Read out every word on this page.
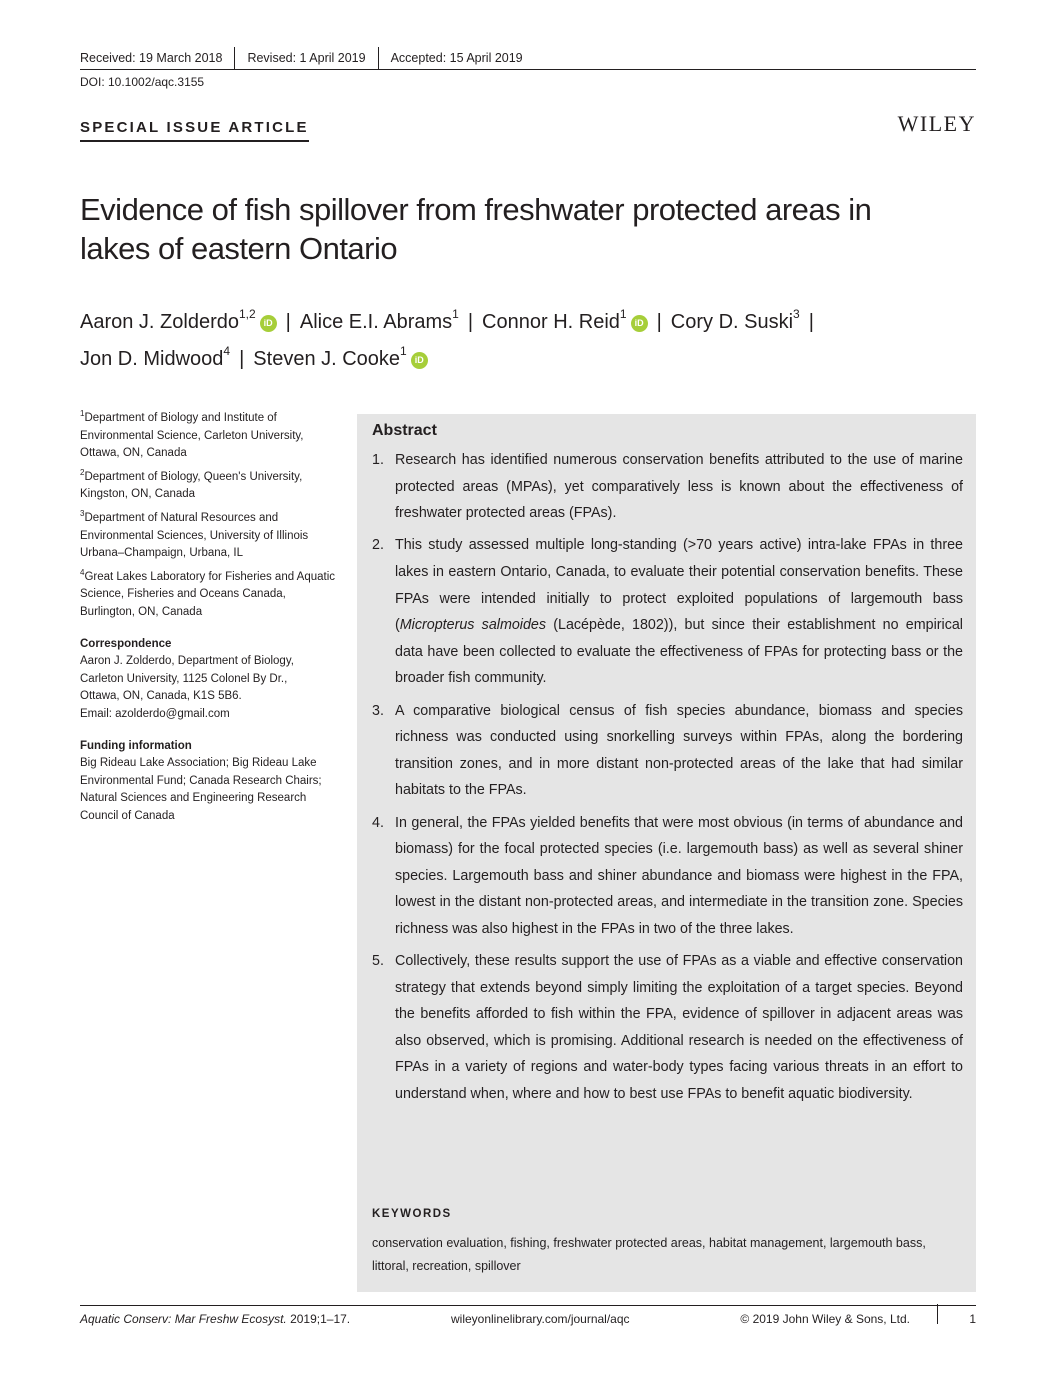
Received: 19 March 2018	Revised: 1 April 2019	Accepted: 15 April 2019
DOI: 10.1002/aqc.3155
SPECIAL ISSUE ARTICLE	WILEY
Evidence of fish spillover from freshwater protected areas in
lakes of eastern Ontario
Aaron J. Zolderdo$^{1,2}$iD | Alice E.I. Abrams$^1$ | Connor H. Reid$^1$iD | Cory D. Suski$^3$ |
Jon D. Midwood$^4$ | Steven J. Cooke$^1$iD
$^1$Department of Biology and Institute of Environmental Science, Carleton University, Ottawa, ON, Canada
$^2$Department of Biology, Queen's University, Kingston, ON, Canada
$^3$Department of Natural Resources and Environmental Sciences, University of Illinois Urbana–Champaign, Urbana, IL
$^4$Great Lakes Laboratory for Fisheries and Aquatic Science, Fisheries and Oceans Canada, Burlington, ON, Canada
Correspondence
Aaron J. Zolderdo, Department of Biology,
Carleton University, 1125 Colonel By Dr.,
Ottawa, ON, Canada, K1S 5B6.
Email: azolderdo@gmail.com
Funding information
Big Rideau Lake Association; Big Rideau Lake Environmental Fund; Canada Research Chairs; Natural Sciences and Engineering Research Council of Canada
Abstract
1. Research has identified numerous conservation benefits attributed to the use of marine protected areas (MPAs), yet comparatively less is known about the effectiveness of freshwater protected areas (FPAs).
2. This study assessed multiple long-standing (>70 years active) intra-lake FPAs in three lakes in eastern Ontario, Canada, to evaluate their potential conservation benefits. These FPAs were intended initially to protect exploited populations of largemouth bass (Micropterus salmoides (Lacépède, 1802)), but since their establishment no empirical data have been collected to evaluate the effectiveness of FPAs for protecting bass or the broader fish community.
3. A comparative biological census of fish species abundance, biomass and species richness was conducted using snorkelling surveys within FPAs, along the bordering transition zones, and in more distant non-protected areas of the lake that had similar habitats to the FPAs.
4. In general, the FPAs yielded benefits that were most obvious (in terms of abundance and biomass) for the focal protected species (i.e. largemouth bass) as well as several shiner species. Largemouth bass and shiner abundance and biomass were highest in the FPA, lowest in the distant non-protected areas, and intermediate in the transition zone. Species richness was also highest in the FPAs in two of the three lakes.
5. Collectively, these results support the use of FPAs as a viable and effective conservation strategy that extends beyond simply limiting the exploitation of a target species. Beyond the benefits afforded to fish within the FPA, evidence of spillover in adjacent areas was also observed, which is promising. Additional research is needed on the effectiveness of FPAs in a variety of regions and water-body types facing various threats in an effort to understand when, where and how to best use FPAs to benefit aquatic biodiversity.
KEYWORDS
conservation evaluation, fishing, freshwater protected areas, habitat management, largemouth bass, littoral, recreation, spillover
Aquatic Conserv: Mar Freshw Ecosyst. 2019;1–17.	wileyonlinelibrary.com/journal/aqc	© 2019 John Wiley & Sons, Ltd.	1
